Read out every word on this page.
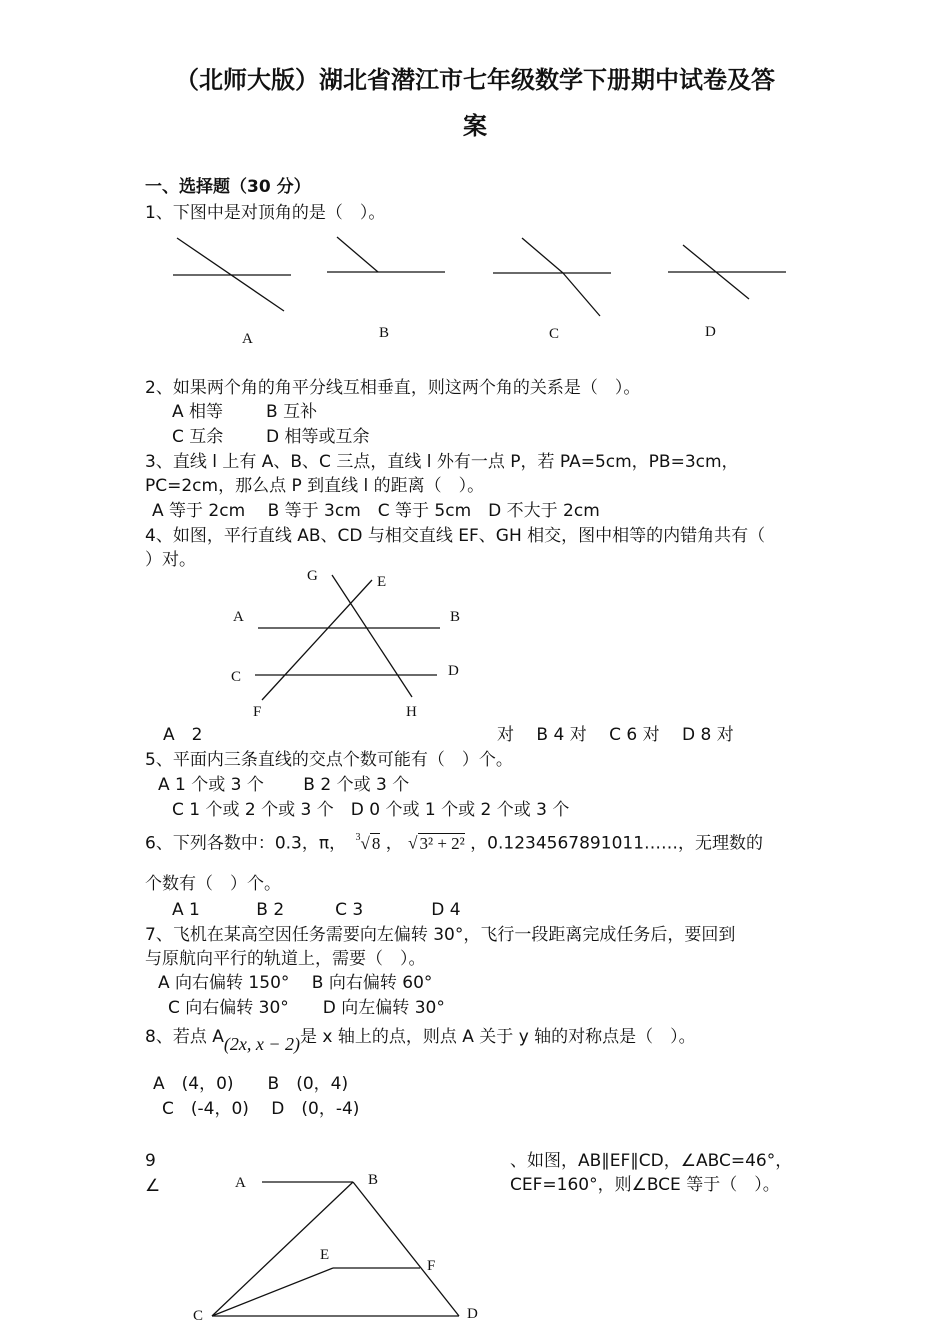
（北师大版）湖北省潜江市七年级数学下册期中试卷及答
案
一、选择题（30 分）
1、下图中是对顶角的是（　）。
A	B	C	D
G	E
A	B
C	D
F	H
A	B
E
F
C	D
2、如果两个角的角平分线互相垂直，则这两个角的关系是（　）。
A 相等	B 互补
C 互余	D 相等或互余
3、直线 l 上有 A、B、C 三点，直线 l 外有一点 P，若 PA=5cm，PB=3cm，
PC=2cm，那么点 P 到直线 l 的距离（　）。
A 等于 2cm　 B 等于 3cm　C 等于 5cm　D 不大于 2cm
4、如图，平行直线 AB、CD 与相交直线 EF、GH 相交，图中相等的内错角共有（
）对。
A　2	对　 B 4 对　 C 6 对　 D 8 对
5、平面内三条直线的交点个数可能有（　）个。
A 1 个或 3 个　　 B 2 个或 3 个
C 1 个或 2 个或 3 个　D 0 个或 1 个或 2 个或 3 个
6、下列各数中：0.3，π， $^3$√ 8 ， √ 3² + 2² ，0.1234567891011……，无理数的
个数有（　）个。
A 1　　　 B 2　　　C 3　　　　D 4
7、飞机在某高空因任务需要向左偏转 30°，飞行一段距离完成任务后，要回到
与原航向平行的轨道上，需要（　）。
A 向右偏转 150°　 B 向右偏转 60°
C 向右偏转 30°　　D 向左偏转 30°
8、若点 A(2x, x − 2)是 x 轴上的点，则点 A 关于 y 轴的对称点是（　）。
A　(4，0)　　B　(0，4)
C　(-4，0)　 D　(0，-4)
9
∠
、如图，AB∥EF∥CD，∠ABC=46°，
CEF=160°，则∠BCE 等于（　）。
